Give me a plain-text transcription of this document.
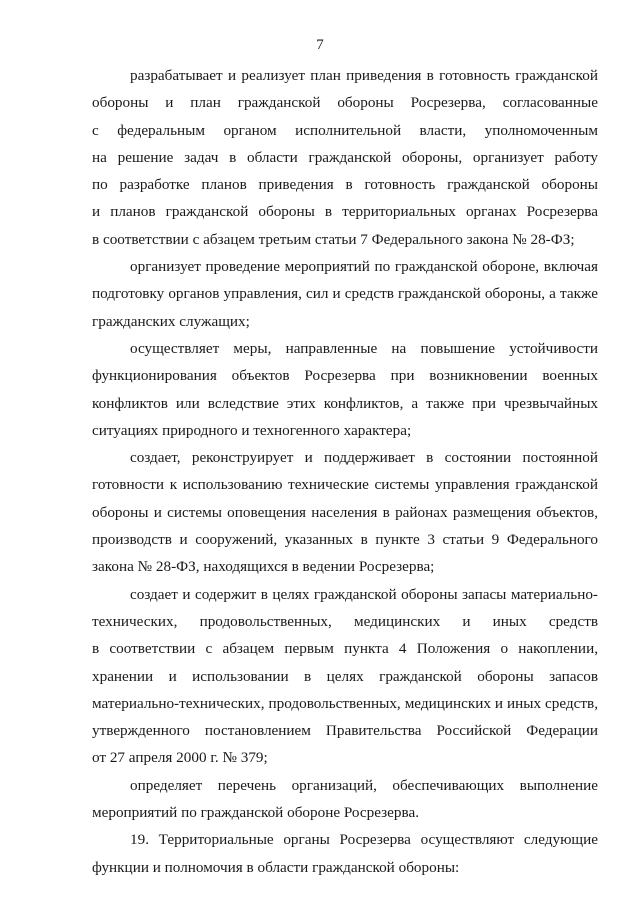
7
разрабатывает и реализует план приведения в готовность гражданской
обороны и план гражданской обороны Росрезерва, согласованные
с федеральным органом исполнительной власти, уполномоченным
на решение задач в области гражданской обороны, организует работу
по разработке планов приведения в готовность гражданской обороны
и планов гражданской обороны в территориальных органах Росрезерва
в соответствии с абзацем третьим статьи 7 Федерального закона № 28-ФЗ;
организует проведение мероприятий по гражданской обороне, включая
подготовку органов управления, сил и средств гражданской обороны, а также
гражданских служащих;
осуществляет меры, направленные на повышение устойчивости
функционирования объектов Росрезерва при возникновении военных
конфликтов или вследствие этих конфликтов, а также при чрезвычайных
ситуациях природного и техногенного характера;
создает, реконструирует и поддерживает в состоянии постоянной
готовности к использованию технические системы управления гражданской
обороны и системы оповещения населения в районах размещения объектов,
производств и сооружений, указанных в пункте 3 статьи 9 Федерального
закона № 28-ФЗ, находящихся в ведении Росрезерва;
создает и содержит в целях гражданской обороны запасы материально-
технических, продовольственных, медицинских и иных средств
в соответствии с абзацем первым пункта 4 Положения о накоплении,
хранении и использовании в целях гражданской обороны запасов
материально-технических, продовольственных, медицинских и иных средств,
утвержденного постановлением Правительства Российской Федерации
от 27 апреля 2000 г. № 379;
определяет перечень организаций, обеспечивающих выполнение
мероприятий по гражданской обороне Росрезерва.
19. Территориальные органы Росрезерва осуществляют следующие
функции и полномочия в области гражданской обороны:
